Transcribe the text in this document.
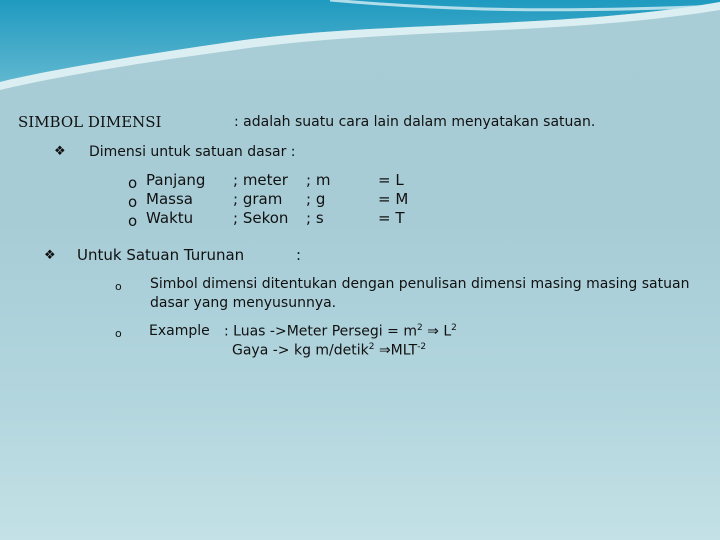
SIMBOL DIMENSI	: adalah suatu cara lain dalam menyatakan satuan.
❖ Dimensi untuk satuan dasar :
o
o
o
Panjang
Massa
Waktu
; meter
; gram
; Sekon
; m
; g
; s
= L
= M
= T
❖ Untuk Satuan Turunan	:
o Simbol dimensi ditentukan dengan penulisan dimensi masing masing satuan
dasar yang menyusunnya.
o Example : Luas ->Meter Persegi = $m^2$ ⇒ $L^2$
Gaya -> kg m/detik$^2$ $\Rightarrow MLT^{-2}$
